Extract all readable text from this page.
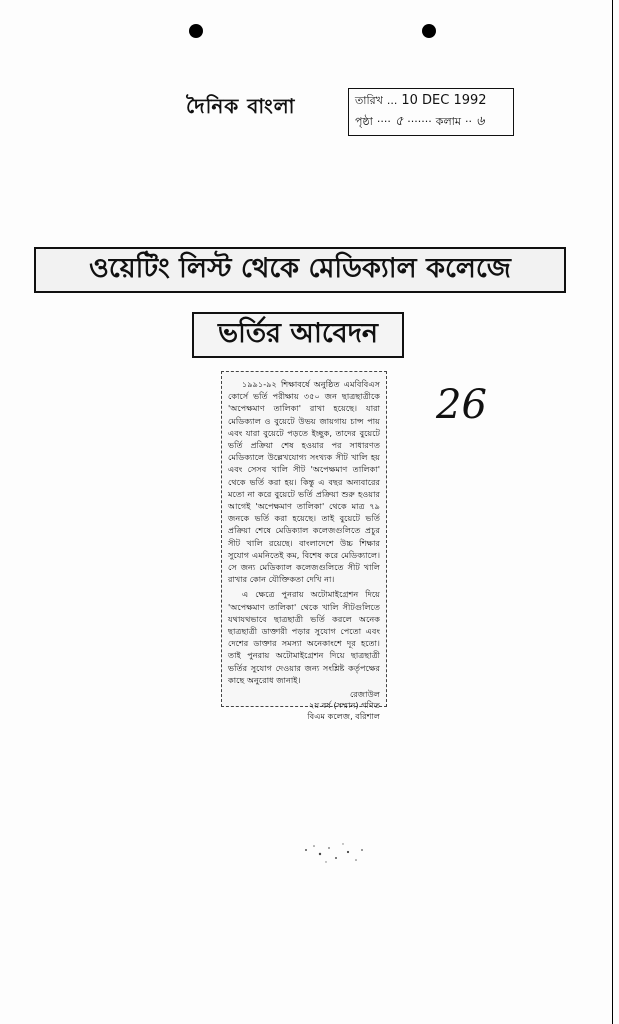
দৈনিক বাংলা	তারিখ ... 10 DEC 1992
পৃষ্ঠা ···· ৫ ······· কলাম ·· ৬
ওয়েটিং লিস্ট থেকে মেডিক্যাল কলেজে
ভর্তির আবেদন
26

১৯৯১-৯২ শিক্ষাবর্ষে অনুষ্ঠিত এমবিবিএস কোর্সে ভর্তি পরীক্ষায় ৩৫০ জন ছাত্রছাত্রীকে 'অপেক্ষমাণ তালিকা' রাখা হয়েছে। যারা মেডিক্যাল ও বুয়েটে উভয় জায়গায় চান্স পায় এবং যারা বুয়েটে পড়তে ইচ্ছুক, তাদের বুয়েটে ভর্তি প্রক্রিয়া শেষ হওয়ার পর সাধারণত মেডিক্যালে উল্লেখযোগ্য সংখ্যক সীট খালি হয় এবং সেসব খালি সীট 'অপেক্ষমাণ তালিকা' থেকে ভর্তি করা হয়। কিন্তু এ বছর অন্যবারের মতো না করে বুয়েটে ভর্তি প্রক্রিয়া শুরু হওয়ার আগেই 'অপেক্ষমাণ তালিকা' থেকে মাত্র ৭৯ জনকে ভর্তি করা হয়েছে। তাই বুয়েটে ভর্তি প্রক্রিয়া শেষে মেডিক্যাল কলেজগুলিতে প্রচুর সীট খালি রয়েছে। বাংলাদেশে উচ্চ শিক্ষার সুযোগ এমনিতেই কম, বিশেষ করে মেডিক্যালে। সে জন্য মেডিক্যাল কলেজগুলিতে সীট খালি রাখার কোন যৌক্তিকতা দেখি না।

এ ক্ষেত্রে পুনরায় অটোমাইগ্রেশন দিয়ে 'অপেক্ষমাণ তালিকা' থেকে খালি সীটগুলিতে যথাযথভাবে ছাত্রছাত্রী ভর্তি করলে অনেক ছাত্রছাত্রী ডাক্তারী পড়ার সুযোগ পেতো এবং দেশের ডাক্তার সমস্যা অনেকাংশে দূর হতো। তাই পুনরায় অটোমাইগ্রেশন দিয়ে ছাত্রছাত্রী ভর্তির সুযোগ দেওয়ার জন্য সংশ্লিষ্ট কর্তৃপক্ষের কাছে অনুরোধ জানাই।

রেজাউল
২য় বর্ষ (সম্মান) গণিত
বিএম কলেজ, বরিশাল
